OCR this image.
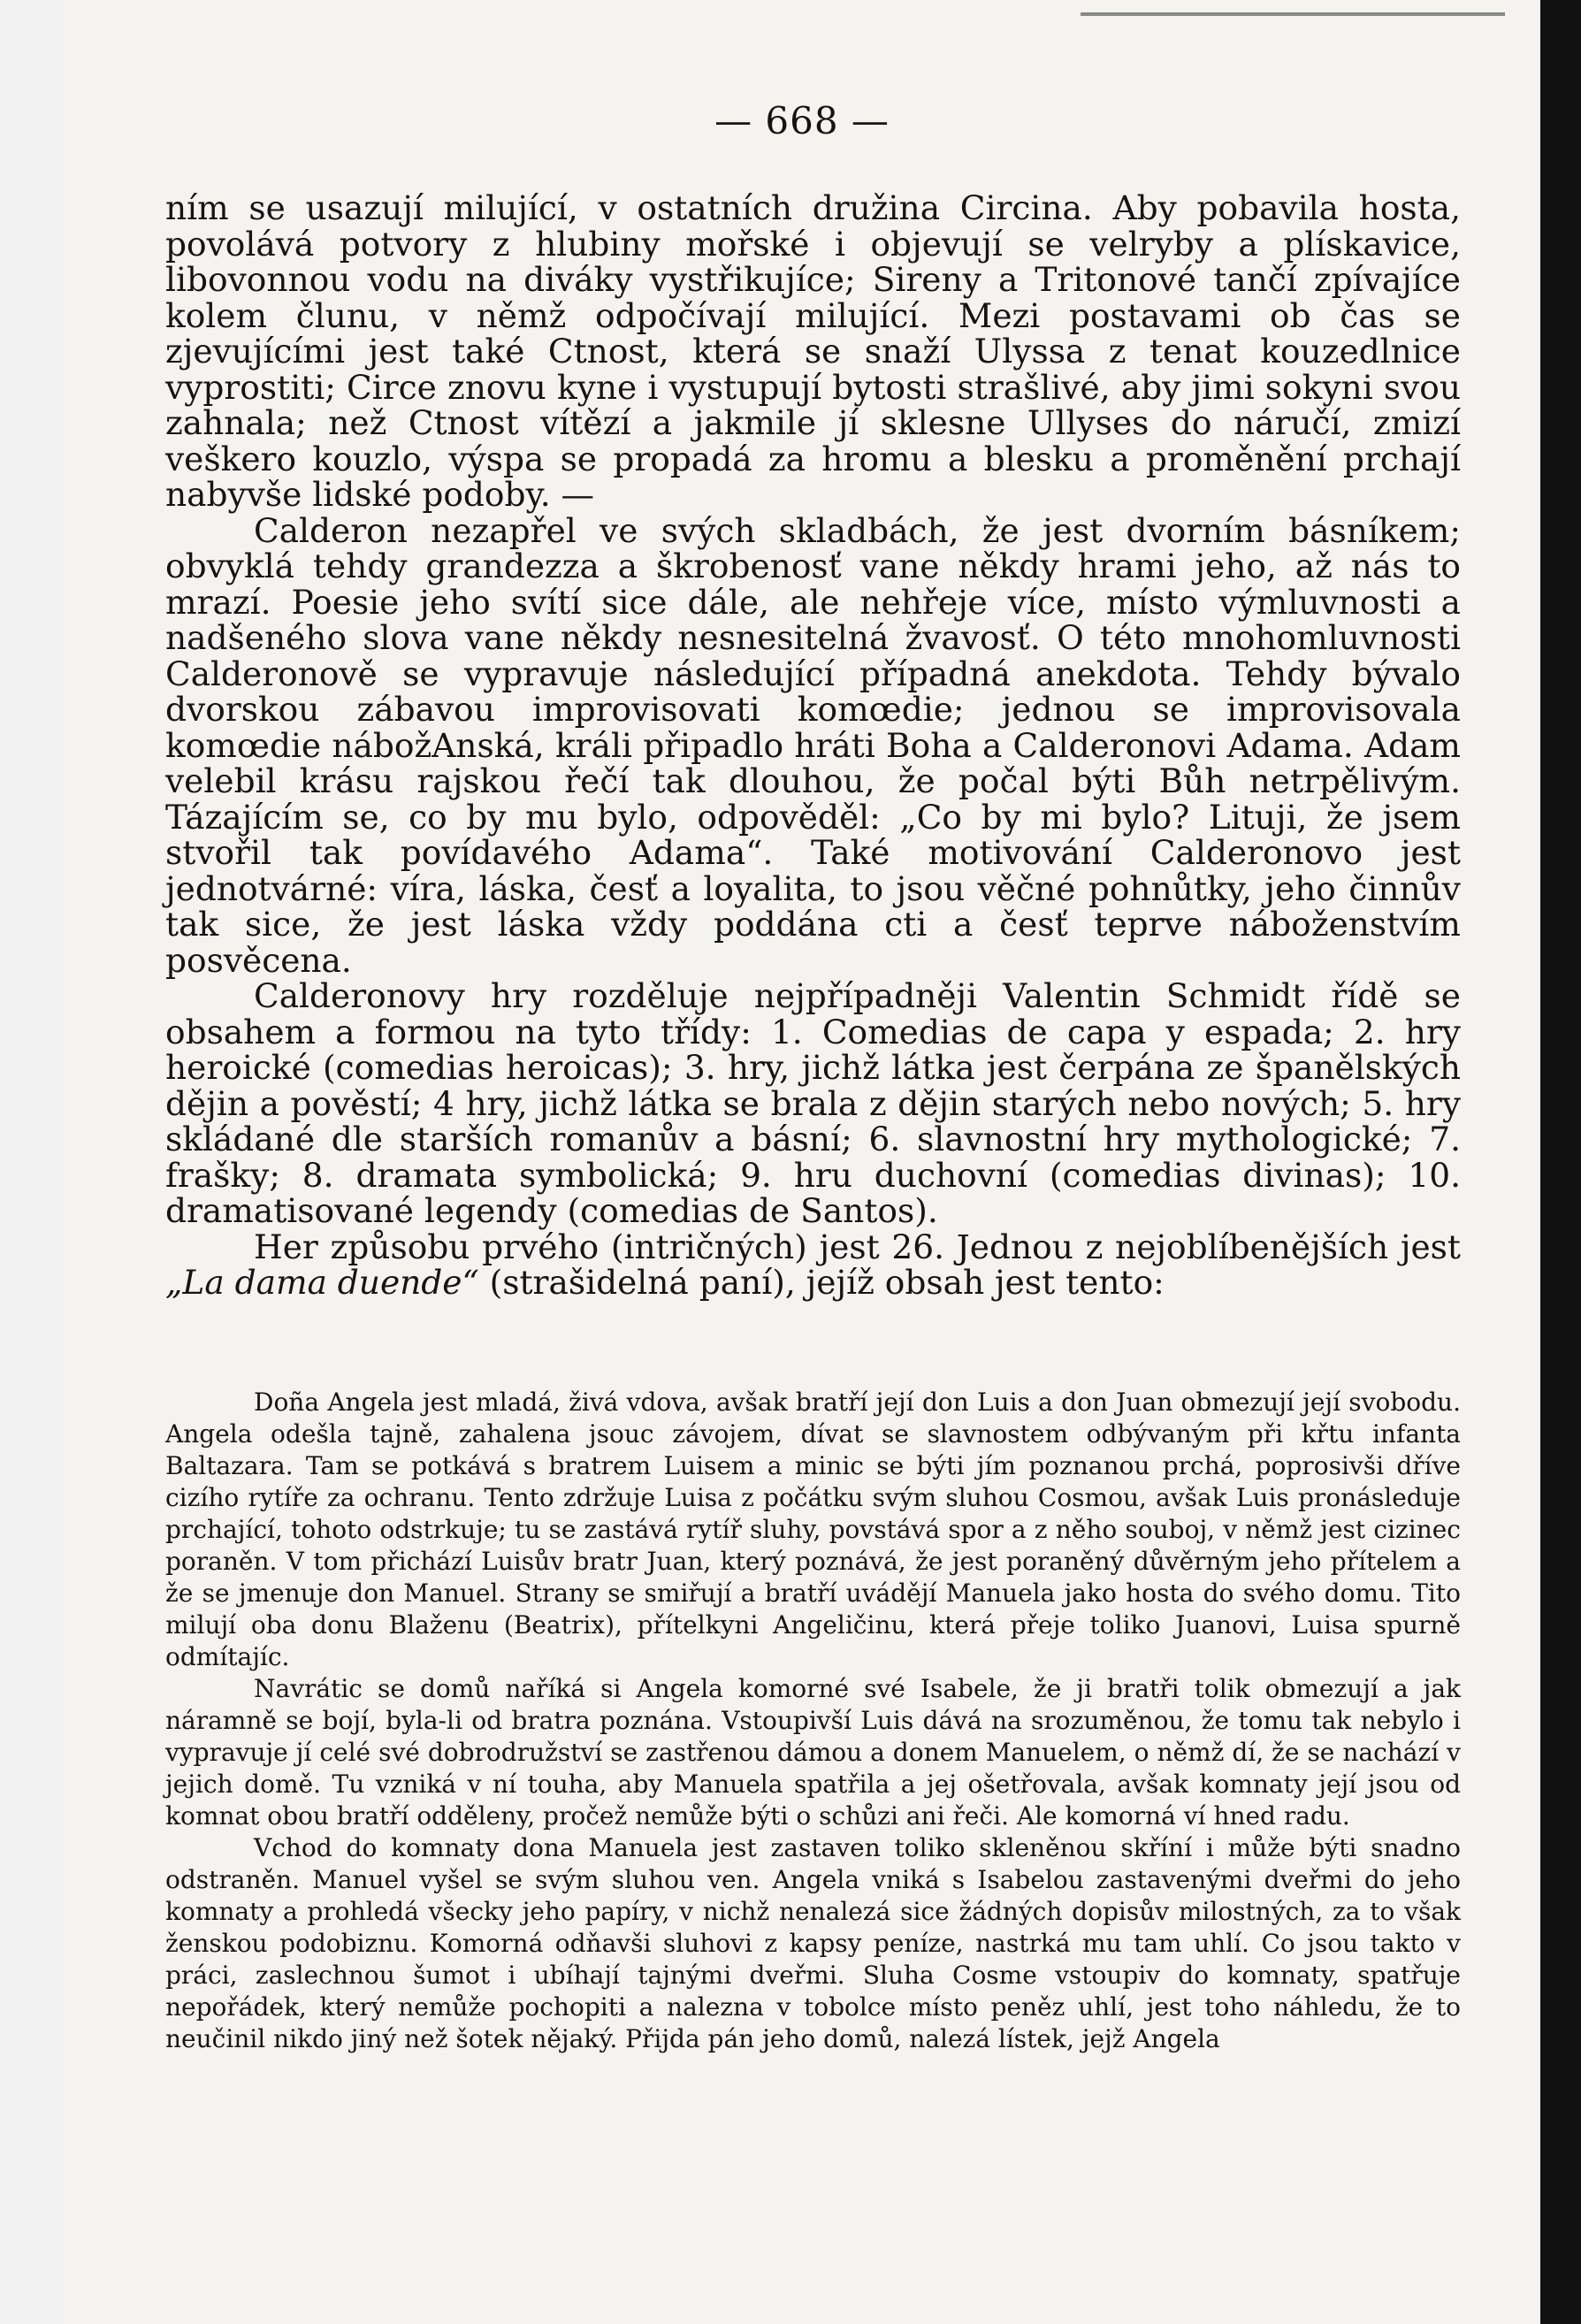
— 668 —

ním se usazují milující, v ostatních družina Circina. Aby pobavila hosta, povolává potvory z hlubiny mořské i objevují se velryby a plískavice, libovonnou vodu na diváky vystřikujíce; Sireny a Tritonové tančí zpívajíce kolem člunu, v němž odpočívají milující. Mezi postavami ob čas se zjevujícími jest také Ctnost, která se snaží Ulyssa z tenat kouzedlnice vyprostiti; Circe znovu kyne i vystupují bytosti strašlivé, aby jimi sokyni svou zahnala; než Ctnost vítězí a jakmile jí sklesne Ullyses do náručí, zmizí veškero kouzlo, výspa se propadá za hromu a blesku a proměnění prchají nabyvše lidské podoby. —

Calderon nezapřel ve svých skladbách, že jest dvorním básníkem; obvyklá tehdy grandezza a škrobenosť vane někdy hrami jeho, až nás to mrazí. Poesie jeho svítí sice dále, ale nehřeje více, místo výmluvnosti a nadšeného slova vane někdy nesnesitelná žvavosť. O této mnohomluvnosti Calderonově se vypravuje následující případná anekdota. Tehdy bývalo dvorskou zábavou improvisovati komœdie; jednou se improvisovala komœdie nábožAnská, králi připadlo hráti Boha a Calderonovi Adama. Adam velebil krásu rajskou řečí tak dlouhou, že počal býti Bůh netrpělivým. Tázajícím se, co by mu bylo, odpověděl: „Co by mi bylo? Lituji, že jsem stvořil tak povídavého Adama“. Také motivování Calderonovo jest jednotvárné: víra, láska, česť a loyalita, to jsou věčné pohnůtky, jeho činnův tak sice, že jest láska vždy poddána cti a česť teprve náboženstvím posvěcena.

Calderonovy hry rozděluje nejpřípadněji Valentin Schmidt řídě se obsahem a formou na tyto třídy: 1. Comedias de capa y espada; 2. hry heroické (comedias heroicas); 3. hry, jichž látka jest čerpána ze španělských dějin a pověstí; 4 hry, jichž látka se brala z dějin starých nebo nových; 5. hry skládané dle starších romanův a básní; 6. slavnostní hry mythologické; 7. frašky; 8. dramata symbolická; 9. hru duchovní (comedias divinas); 10. dramatisované legendy (comedias de Santos).

Her způsobu prvého (intričných) jest 26. Jednou z nejoblíbenějších jest „La dama duende“ (strašidelná paní), jejíž obsah jest tento:

Doña Angela jest mladá, živá vdova, avšak bratří její don Luis a don Juan obmezují její svobodu. Angela odešla tajně, zahalena jsouc závojem, dívat se slavnostem odbývaným při křtu infanta Baltazara. Tam se potkává s bratrem Luisem a minic se býti jím poznanou prchá, poprosivši dříve cizího rytíře za ochranu. Tento zdržuje Luisa z počátku svým sluhou Cosmou, avšak Luis pronásleduje prchající, tohoto odstrkuje; tu se zastává rytíř sluhy, povstává spor a z něho souboj, v němž jest cizinec poraněn. V tom přichází Luisův bratr Juan, který poznává, že jest poraněný důvěrným jeho přítelem a že se jmenuje don Manuel. Strany se smiřují a bratří uvádějí Manuela jako hosta do svého domu. Tito milují oba donu Blaženu (Beatrix), přítelkyni Angeličinu, která přeje toliko Juanovi, Luisa spurně odmítajíc.

Navrátic se domů naříká si Angela komorné své Isabele, že ji bratři tolik obmezují a jak náramně se bojí, byla-li od bratra poznána. Vstoupivší Luis dává na srozuměnou, že tomu tak nebylo i vypravuje jí celé své dobrodružství se zastřenou dámou a donem Manuelem, o němž dí, že se nachází v jejich domě. Tu vzniká v ní touha, aby Manuela spatřila a jej ošetřovala, avšak komnaty její jsou od komnat obou bratří odděleny, pročež nemůže býti o schůzi ani řeči. Ale komorná ví hned radu.

Vchod do komnaty dona Manuela jest zastaven toliko skleněnou skříní i může býti snadno odstraněn. Manuel vyšel se svým sluhou ven. Angela vniká s Isabelou zastavenými dveřmi do jeho komnaty a prohledá všecky jeho papíry, v nichž nenalezá sice žádných dopisův milostných, za to však ženskou podobiznu. Komorná odňavši sluhovi z kapsy peníze, nastrká mu tam uhlí. Co jsou takto v práci, zaslechnou šumot i ubíhají tajnými dveřmi. Sluha Cosme vstoupiv do komnaty, spatřuje nepořádek, který nemůže pochopiti a nalezna v tobolce místo peněz uhlí, jest toho náhledu, že to neučinil nikdo jiný než šotek nějaký. Přijda pán jeho domů, nalezá lístek, jejž Angela
